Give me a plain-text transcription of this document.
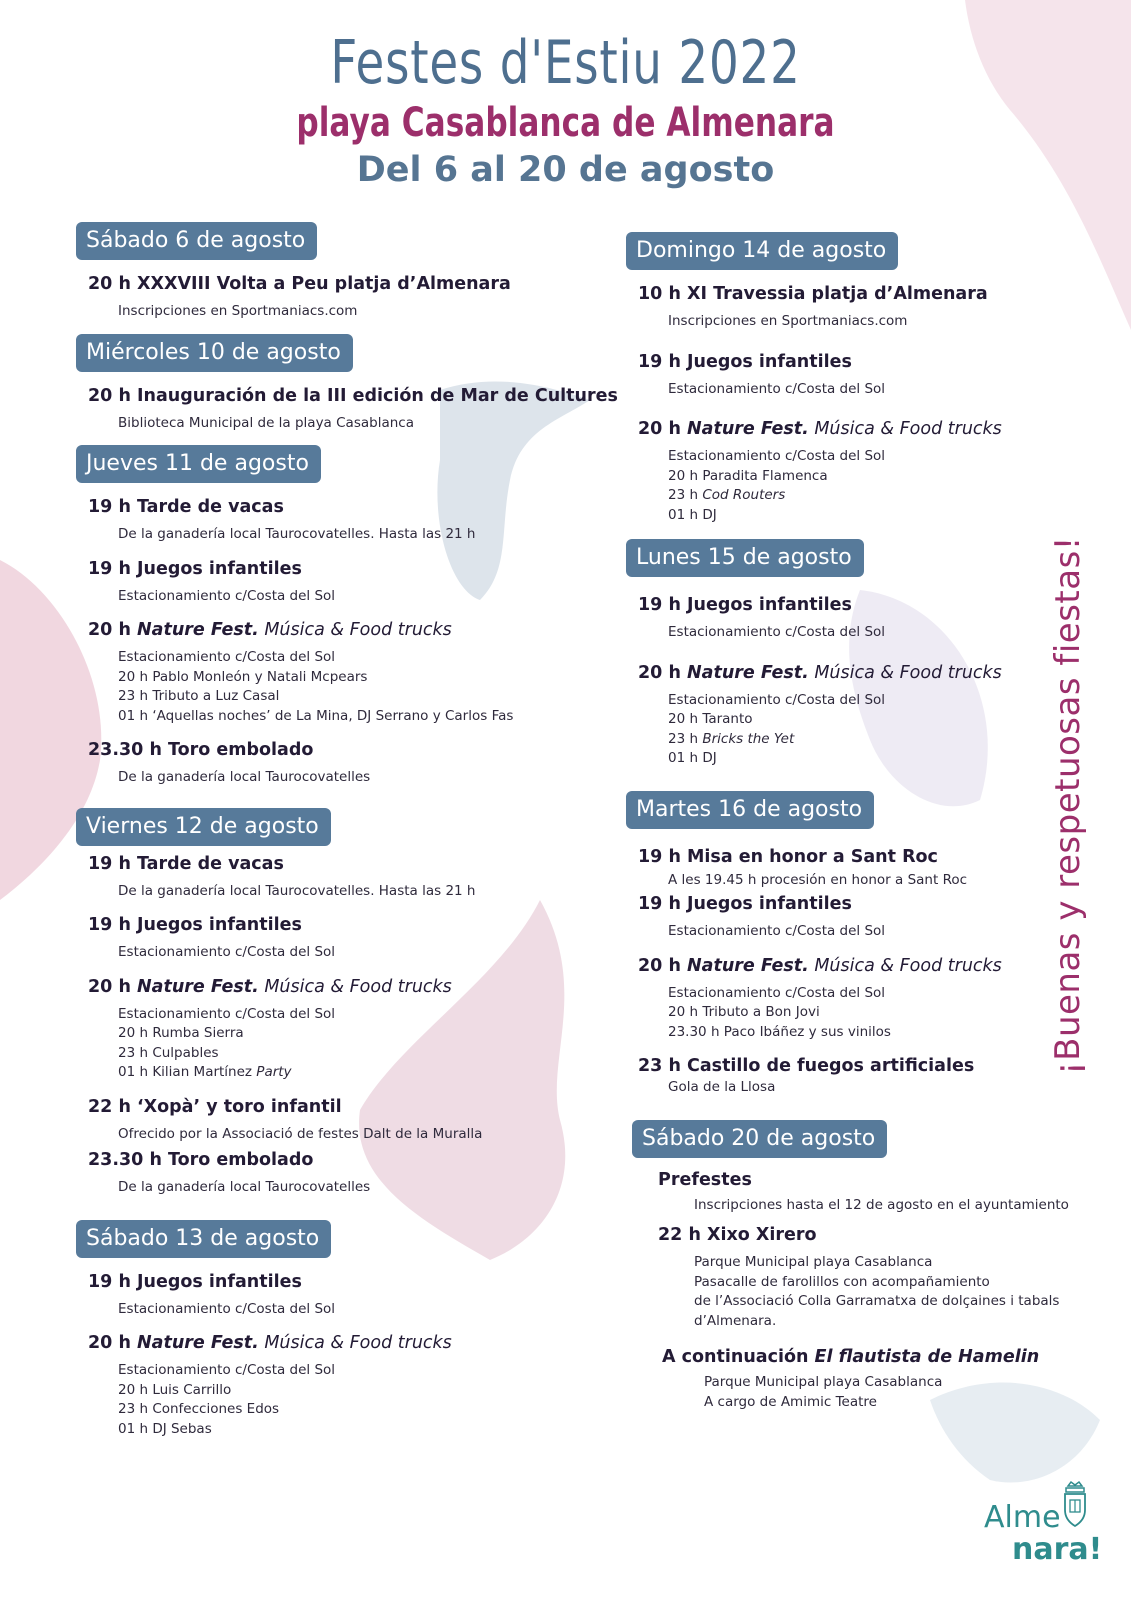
Festes d'Estiu 2022
playa Casablanca de Almenara
Del 6 al 20 de agosto
Sábado 6 de agosto
20 h XXXVIII Volta a Peu platja d’Almenara
Inscripciones en Sportmaniacs.com
Miércoles 10 de agosto
20 h Inauguración de la III edición de Mar de Cultures
Biblioteca Municipal de la playa Casablanca
Jueves 11 de agosto
19 h Tarde de vacas
De la ganadería local Taurocovatelles. Hasta las 21 h
19 h Juegos infantiles
Estacionamiento c/Costa del Sol
20 h Nature Fest. Música & Food trucks
Estacionamiento c/Costa del Sol
20 h Pablo Monleón y Natali Mcpears
23 h Tributo a Luz Casal
01 h ‘Aquellas noches’ de La Mina, DJ Serrano y Carlos Fas
23.30 h Toro embolado
De la ganadería local Taurocovatelles
Viernes 12 de agosto
19 h Tarde de vacas
De la ganadería local Taurocovatelles. Hasta las 21 h
19 h Juegos infantiles
Estacionamiento c/Costa del Sol
20 h Nature Fest. Música & Food trucks
Estacionamiento c/Costa del Sol
20 h Rumba Sierra
23 h Culpables
01 h Kilian Martínez Party
22 h ‘Xopà’ y toro infantil
Ofrecido por la Associació de festes Dalt de la Muralla
23.30 h Toro embolado
De la ganadería local Taurocovatelles
Sábado 13 de agosto
19 h Juegos infantiles
Estacionamiento c/Costa del Sol
20 h Nature Fest. Música & Food trucks
Estacionamiento c/Costa del Sol
20 h Luis Carrillo
23 h Confecciones Edos
01 h DJ Sebas
Domingo 14 de agosto
10 h XI Travessia platja d’Almenara
Inscripciones en Sportmaniacs.com
19 h Juegos infantiles
Estacionamiento c/Costa del Sol
20 h Nature Fest. Música & Food trucks
Estacionamiento c/Costa del Sol
20 h Paradita Flamenca
23 h Cod Routers
01 h DJ
Lunes 15 de agosto
19 h Juegos infantiles
Estacionamiento c/Costa del Sol
20 h Nature Fest. Música & Food trucks
Estacionamiento c/Costa del Sol
20 h Taranto
23 h Bricks the Yet
01 h DJ
Martes 16 de agosto
19 h Misa en honor a Sant Roc
A les 19.45 h procesión en honor a Sant Roc
19 h Juegos infantiles
Estacionamiento c/Costa del Sol
20 h Nature Fest. Música & Food trucks
Estacionamiento c/Costa del Sol
20 h Tributo a Bon Jovi
23.30 h Paco Ibáñez y sus vinilos
23 h Castillo de fuegos artificiales
Gola de la Llosa
Sábado 20 de agosto
Prefestes
Inscripciones hasta el 12 de agosto en el ayuntamiento
22 h Xixo Xirero
Parque Municipal playa Casablanca
Pasacalle de farolillos con acompañamiento
de l’Associació Colla Garramatxa de dolçaines i tabals
d’Almenara.
A continuación El flautista de Hamelin
Parque Municipal playa Casablanca
A cargo de Amimic Teatre
¡Buenas y respetuosas fiestas!
Alme
nara!
